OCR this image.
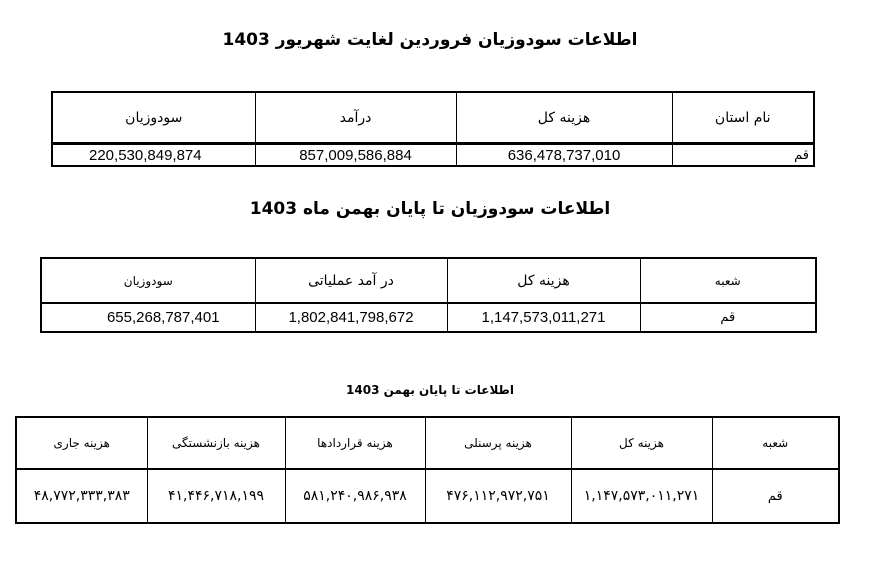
اطلاعات سودوزیان فروردین لغایت شهریور 1403
سودوزیان	درآمد	هزینه کل	نام استان
220,530,849,874	857,009,586,884	636,478,737,010	قم
اطلاعات سودوزیان تا پایان بهمن ماه 1403
سودوزیان	در آمد عملیاتی	هزینه کل	شعبه
655,268,787,401	1,802,841,798,672	1,147,573,011,271	قم
اطلاعات تا پایان بهمن 1403
هزینه جاری	هزینه بازنشستگی	هزینه قراردادها	هزینه پرسنلی	هزینه کل	شعبه
۴۸,۷۷۲,۳۳۳,۳۸۳	۴۱,۴۴۶,۷۱۸,۱۹۹	۵۸۱,۲۴۰,۹۸۶,۹۳۸	۴۷۶,۱۱۲,۹۷۲,۷۵۱	۱,۱۴۷,۵۷۳,۰۱۱,۲۷۱	قم
